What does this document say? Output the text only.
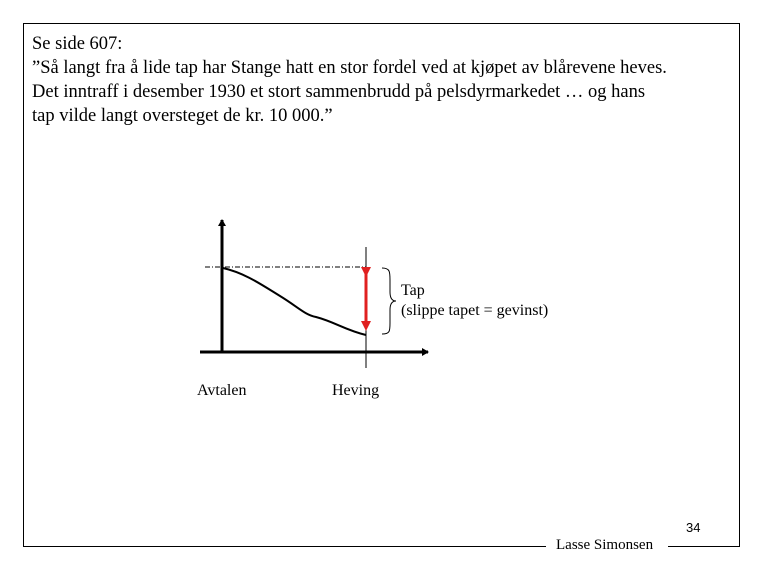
Se side 607:
”Så langt fra å lide tap har Stange hatt en stor fordel ved at kjøpet av blårevene heves.
Det inntraff i desember 1930 et stort sammenbrudd på pelsdyrmarkedet … og hans
tap vilde langt oversteget de kr. 10 000.”
Tap
(slippe tapet = gevinst)
Avtalen	Heving
Lasse Simonsen
34
